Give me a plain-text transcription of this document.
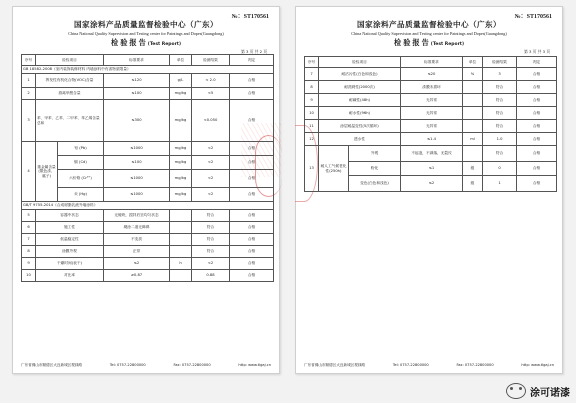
№：ST170561
国家涂料产品质量监督检验中心（广东）
China National Quality Supervision and Testing center for Paintings and Dopes(Guangdong)
检验报告(Test Report)
第 3 页 共 2 页
序号	检验项目		标准要求	单位	检测结果	判定
GB 18582-2008《室内装饰装修材料 内墙涂料中有害物质限量》						
1	挥发性有机化合物(VOC)含量		≤120	g/L	< 2.0	合格
2	游离甲醛含量		≤100	mg/kg	<5	合格
3	苯、甲苯、乙苯、二甲苯、苯乙烯含量总和		≤300	mg/kg	<0.050	合格
4	重金属含量(限色漆、腻子)	铅 (Pb)	≤1000	mg/kg	<2	合格
		镉 (Cd)	≤100	mg/kg	<2	合格
		六价铬 (Cr⁶⁺)	≤1000	mg/kg	<2	合格
		汞 (Hg)	≤1000	mg/kg	<2	合格
GB/T 9755-2014《合成树脂乳液外墙涂料》						
5	容器中状态		无硬块，搅拌后呈均匀状态		符合	合格
6	施工性		刷涂二道无障碍		符合	合格
7	低温稳定性		不变质		符合	合格
8	涂膜外观		正常		符合	合格
9	干燥时间(表干)		≤2	h	<2	合格
10	对比率		≥0.87		0.88	合格
广东省佛山市顺德区大良新城区观绿路	Tel: 0757-22800000	Fax: 0757-22800000	http: www.tlgaj.cn
№：ST170561
国家涂料产品质量监督检验中心（广东）
China National Quality Supervision and Testing center for Paintings and Dopes(Guangdong)
检验报告(Test Report)
第 3 页 共 3 页
序号	检验项目		标准要求	单位	检测结果	判定
7	耐沾污性(白色和浅色)		≤20	%	3	合格
8	耐洗刷性(2000次)		漆膜未损坏		符合	合格
9	耐碱性(48h)		无异常		符合	合格
10	耐水性(96h)		无异常		符合	合格
11	涂层耐温变性(5次循环)		无异常		符合	合格
12	透水性		≤1.4	ml	1.0	合格
13	耐人工气候老化性(250h)	外观	不起泡，不剥落，无裂纹		符合	合格
		粉化	≤1	级	0	合格
		变色(白色和浅色)	≤2	级	1	合格
广东省佛山市顺德区大良新城区观绿路	Tel: 0757-22800000	Fax: 0757-22800000	http: www.tlgaj.cn
涂可诺漆
